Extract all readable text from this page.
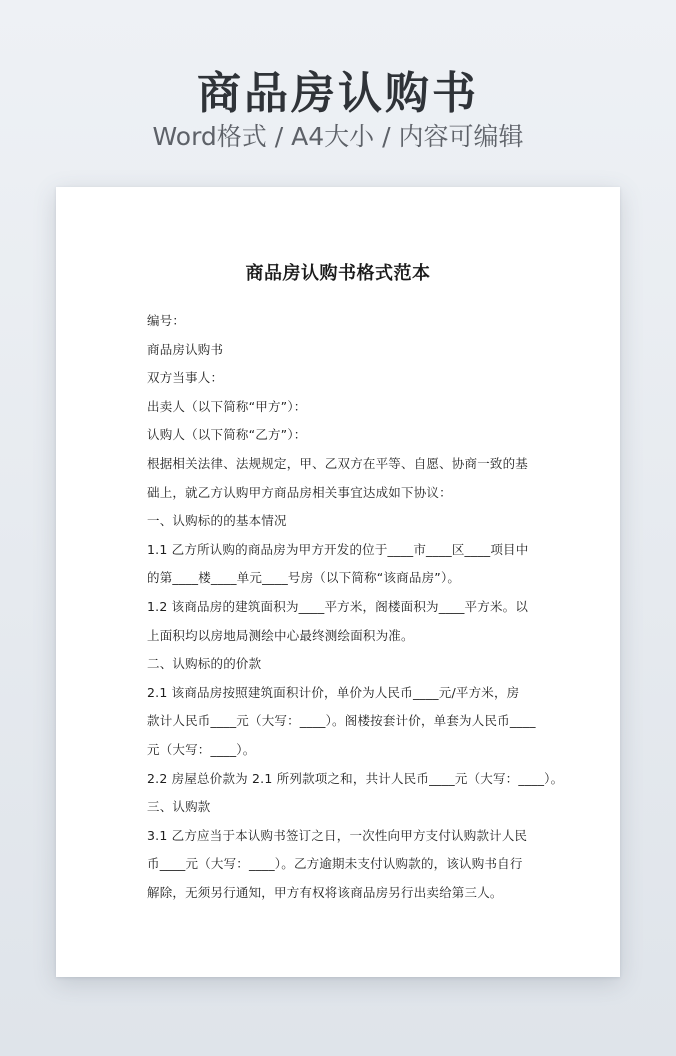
商品房认购书
Word格式 / A4大小 / 内容可编辑
商品房认购书格式范本
编号：
商品房认购书
双方当事人：
出卖人（以下简称“甲方”）：
认购人（以下简称“乙方”）：
根据相关法律、法规规定，甲、乙双方在平等、自愿、协商一致的基
础上，就乙方认购甲方商品房相关事宜达成如下协议：
一、认购标的的基本情况
1.1 乙方所认购的商品房为甲方开发的位于____市____区____项目中
的第____楼____单元____号房（以下简称“该商品房”）。
1.2 该商品房的建筑面积为____平方米，阁楼面积为____平方米。以
上面积均以房地局测绘中心最终测绘面积为准。
二、认购标的的价款
2.1 该商品房按照建筑面积计价，单价为人民币____元/平方米，房
款计人民币____元（大写：____）。阁楼按套计价，单套为人民币____
元（大写：____）。
2.2 房屋总价款为 2.1 所列款项之和，共计人民币____元（大写：____）。
三、认购款
3.1 乙方应当于本认购书签订之日，一次性向甲方支付认购款计人民
币____元（大写：____）。乙方逾期未支付认购款的，该认购书自行
解除，无须另行通知，甲方有权将该商品房另行出卖给第三人。
